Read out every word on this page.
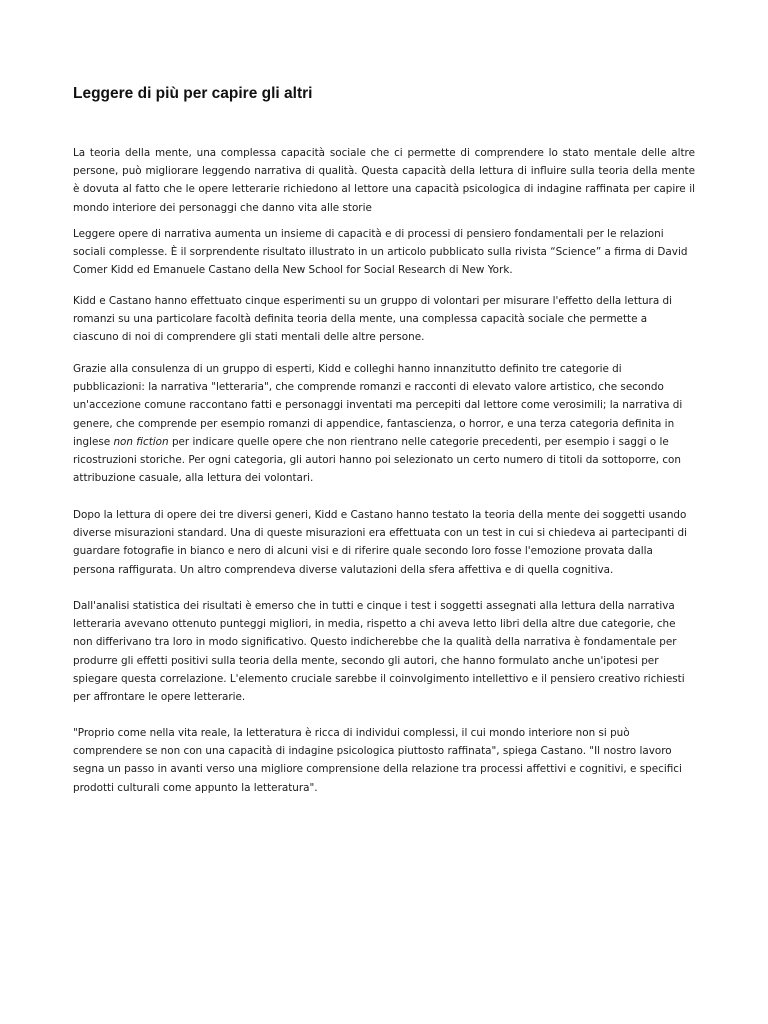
Leggere di più per capire gli altri

La teoria della mente, una complessa capacità sociale che ci permette di comprendere lo stato mentale delle altre persone, può migliorare leggendo narrativa di qualità. Questa capacità della lettura di influire sulla teoria della mente è dovuta al fatto che le opere letterarie richiedono al lettore una capacità psicologica di indagine raffinata per capire il mondo interiore dei personaggi che danno vita alle storie

Leggere opere di narrativa aumenta un insieme di capacità e di processi di pensiero fondamentali per le relazioni sociali complesse. È il sorprendente risultato illustrato in un articolo pubblicato sulla rivista “Science” a firma di David Comer Kidd ed Emanuele Castano della New School for Social Research di New York.

Kidd e Castano hanno effettuato cinque esperimenti su un gruppo di volontari per misurare l'effetto della lettura di romanzi su una particolare facoltà definita teoria della mente, una complessa capacità sociale che permette a ciascuno di noi di comprendere gli stati mentali delle altre persone.

Grazie alla consulenza di un gruppo di esperti, Kidd e colleghi hanno innanzitutto definito tre categorie di pubblicazioni: la narrativa "letteraria", che comprende romanzi e racconti di elevato valore artistico, che secondo un'accezione comune raccontano fatti e personaggi inventati ma percepiti dal lettore come verosimili; la narrativa di genere, che comprende per esempio romanzi di appendice, fantascienza, o horror, e una terza categoria definita in inglese non fiction per indicare quelle opere che non rientrano nelle categorie precedenti, per esempio i saggi o le ricostruzioni storiche. Per ogni categoria, gli autori hanno poi selezionato un certo numero di titoli da sottoporre, con attribuzione casuale, alla lettura dei volontari.

Dopo la lettura di opere dei tre diversi generi, Kidd e Castano hanno testato la teoria della mente dei soggetti usando diverse misurazioni standard. Una di queste misurazioni era effettuata con un test in cui si chiedeva ai partecipanti di guardare fotografie in bianco e nero di alcuni visi e di riferire quale secondo loro fosse l'emozione provata dalla persona raffigurata. Un altro comprendeva diverse valutazioni della sfera affettiva e di quella cognitiva.

Dall'analisi statistica dei risultati è emerso che in tutti e cinque i test i soggetti assegnati alla lettura della narrativa letteraria avevano ottenuto punteggi migliori, in media, rispetto a chi aveva letto libri della altre due categorie, che non differivano tra loro in modo significativo. Questo indicherebbe che la qualità della narrativa è fondamentale per produrre gli effetti positivi sulla teoria della mente, secondo gli autori, che hanno formulato anche un'ipotesi per spiegare questa correlazione. L'elemento cruciale sarebbe il coinvolgimento intellettivo e il pensiero creativo richiesti per affrontare le opere letterarie.

"Proprio come nella vita reale, la letteratura è ricca di individui complessi, il cui mondo interiore non si può comprendere se non con una capacità di indagine psicologica piuttosto raffinata", spiega Castano. "Il nostro lavoro segna un passo in avanti verso una migliore comprensione della relazione tra processi affettivi e cognitivi, e specifici prodotti culturali come appunto la letteratura".
